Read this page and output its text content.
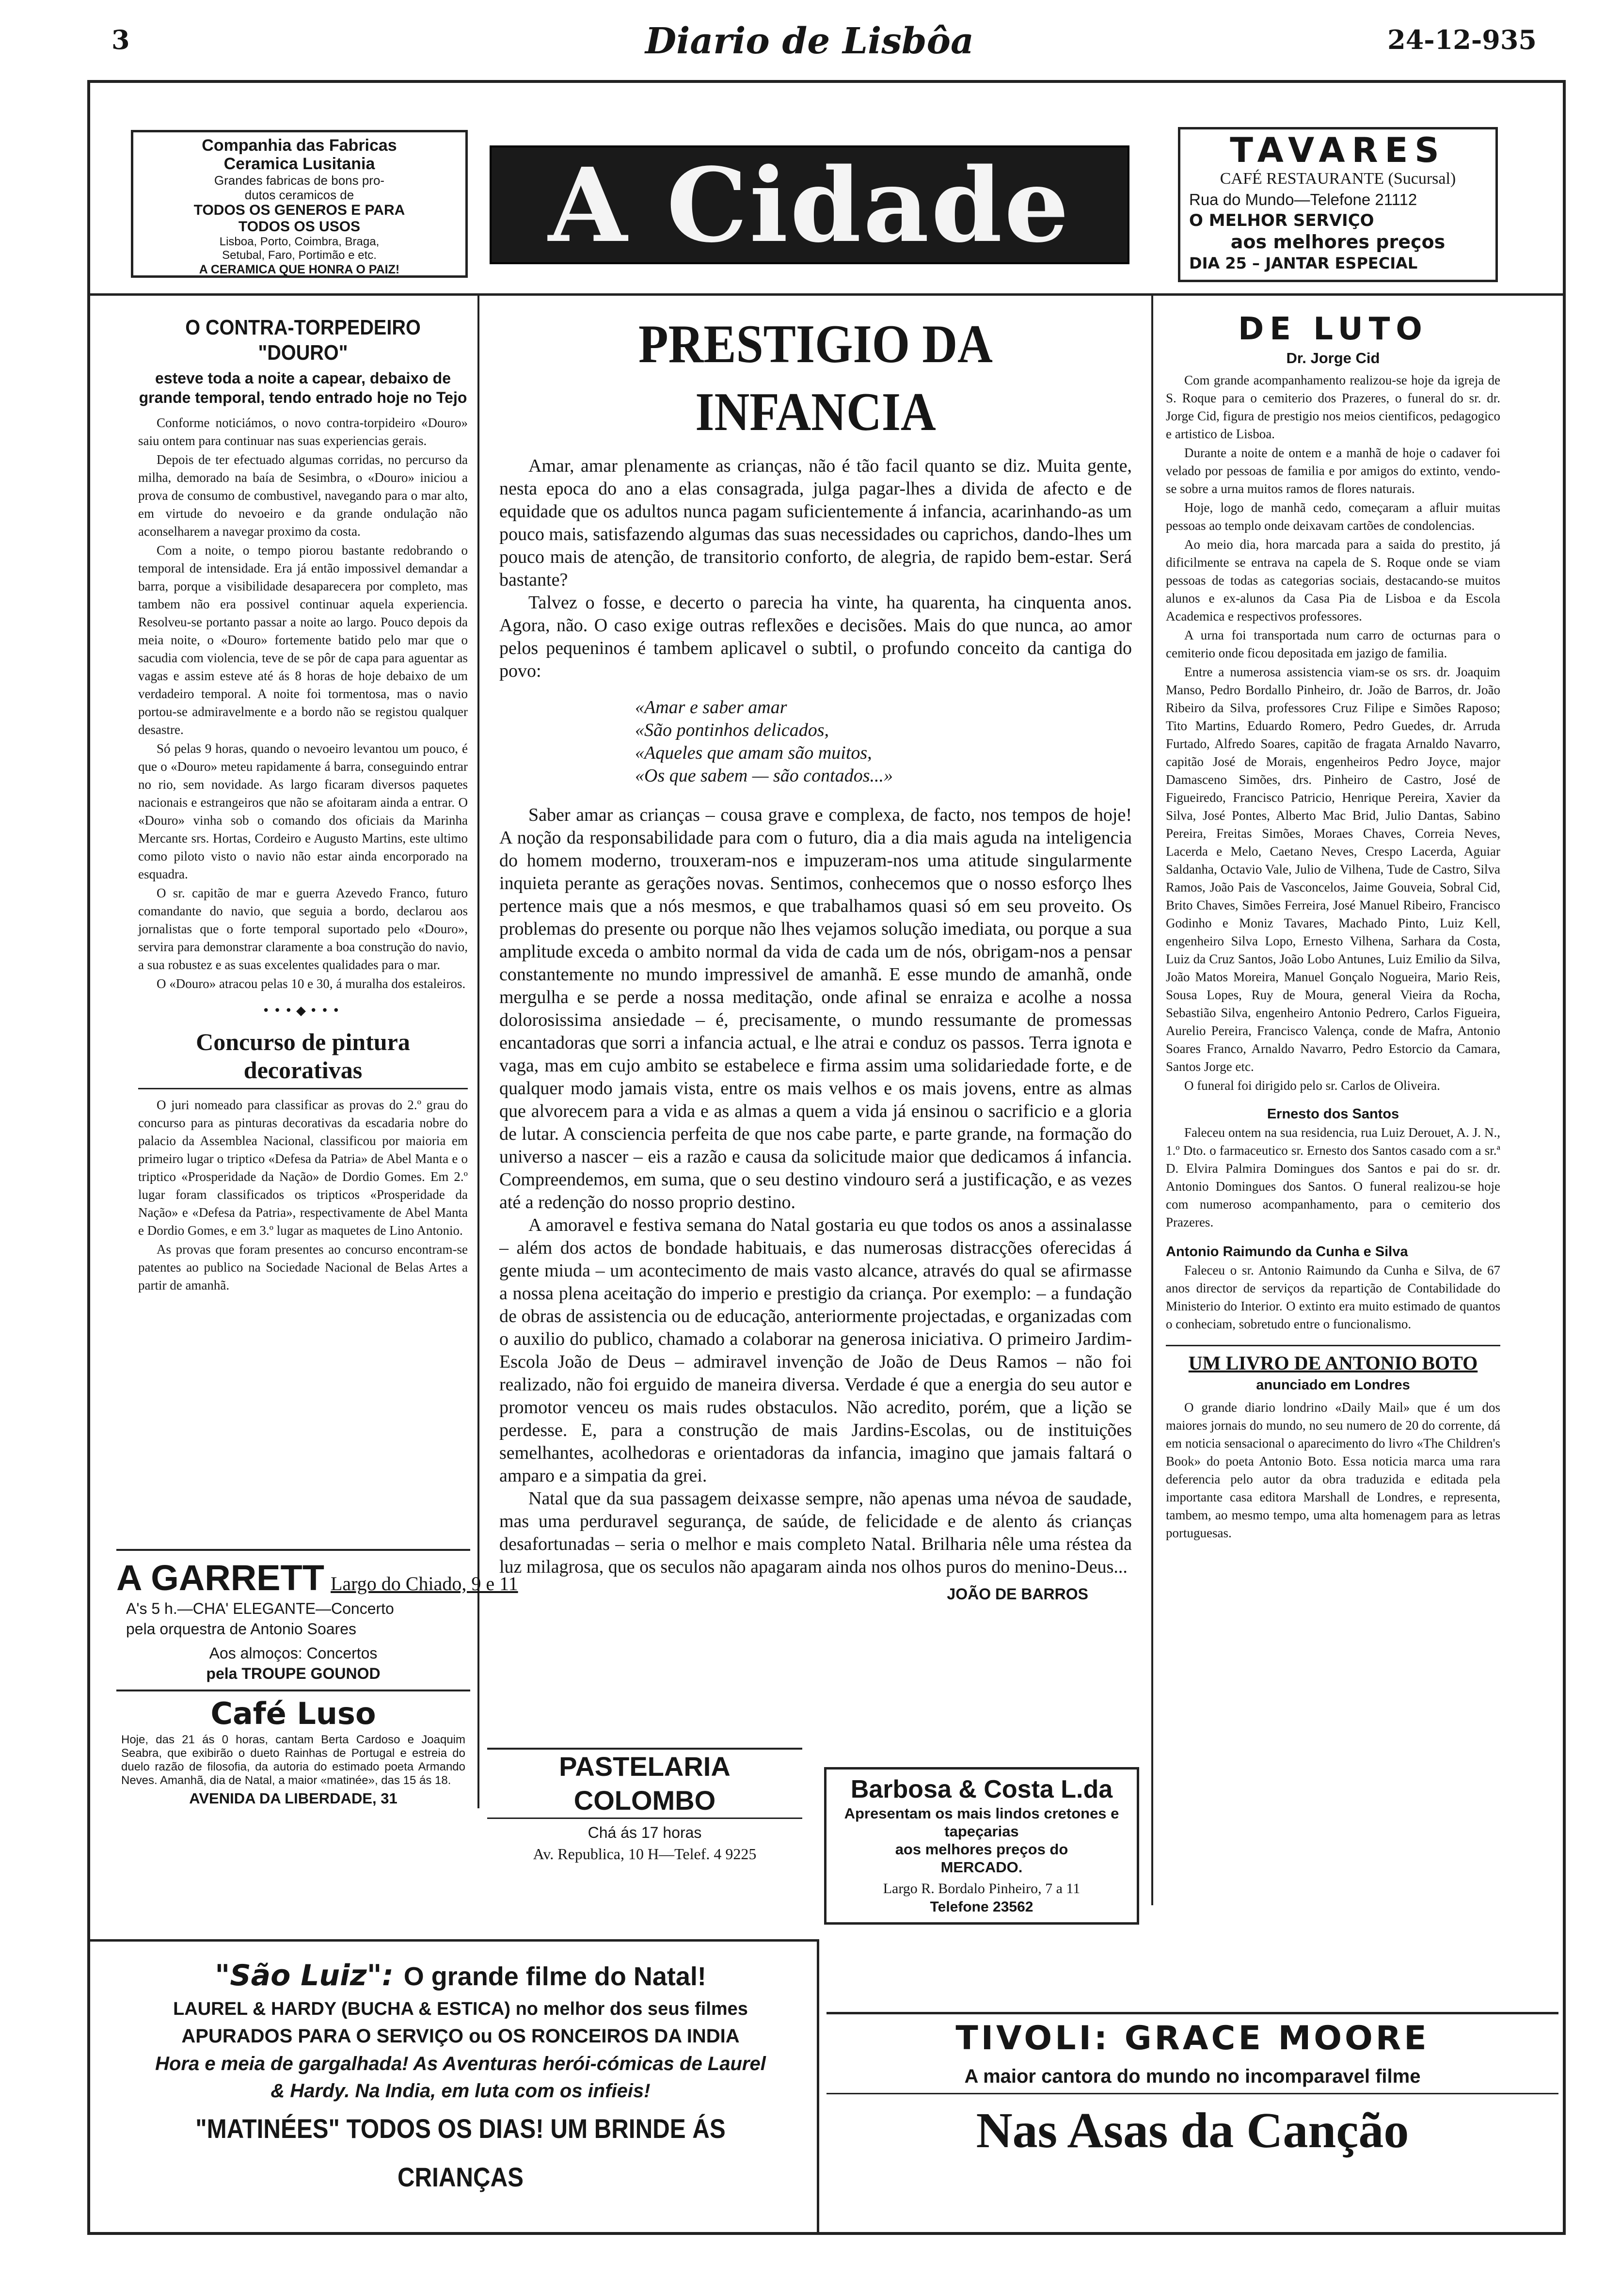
3	Diario de Lisbôa	24-12-935
Companhia das Fabricas
Ceramica Lusitania
Grandes fabricas de bons pro-
dutos ceramicos de
TODOS OS GENEROS E PARA
TODOS OS USOS
Lisboa, Porto, Coimbra, Braga,
Setubal, Faro, Portimão e etc.
A CERAMICA QUE HONRA O PAIZ!
A Cidade	TAVARES
CAFÉ RESTAURANTE (Sucursal)
Rua do Mundo—Telefone 21112
O MELHOR SERVIÇO
aos melhores preços
DIA 25 – JANTAR ESPECIAL
O CONTRA-TORPEDEIRO "DOURO"
esteve toda a noite a capear, debaixo de grande temporal, tendo entrado hoje no Tejo

Conforme noticiámos, o novo contra-torpideiro «Douro» saiu ontem para continuar nas suas experiencias gerais.

Depois de ter efectuado algumas corridas, no percurso da milha, demorado na baía de Sesimbra, o «Douro» iniciou a prova de consumo de combustivel, navegando para o mar alto, em virtude do nevoeiro e da grande ondulação não aconselharem a navegar proximo da costa.

Com a noite, o tempo piorou bastante redobrando o temporal de intensidade. Era já então impossivel demandar a barra, porque a visibilidade desaparecera por completo, mas tambem não era possivel continuar aquela experiencia. Resolveu-se portanto passar a noite ao largo. Pouco depois da meia noite, o «Douro» fortemente batido pelo mar que o sacudia com violencia, teve de se pôr de capa para aguentar as vagas e assim esteve até ás 8 horas de hoje debaixo de um verdadeiro temporal. A noite foi tormentosa, mas o navio portou-se admiravelmente e a bordo não se registou qualquer desastre.

Só pelas 9 horas, quando o nevoeiro levantou um pouco, é que o «Douro» meteu rapidamente á barra, conseguindo entrar no rio, sem novidade. As largo ficaram diversos paquetes nacionais e estrangeiros que não se afoitaram ainda a entrar. O «Douro» vinha sob o comando dos oficiais da Marinha Mercante srs. Hortas, Cordeiro e Augusto Martins, este ultimo como piloto visto o navio não estar ainda encorporado na esquadra.

O sr. capitão de mar e guerra Azevedo Franco, futuro comandante do navio, que seguia a bordo, declarou aos jornalistas que o forte temporal suportado pelo «Douro», servira para demonstrar claramente a boa construção do navio, a sua robustez e as suas excelentes qualidades para o mar.

O «Douro» atracou pelas 10 e 30, á muralha dos estaleiros.

•••◆•••
Concurso de pintura decorativas

O juri nomeado para classificar as provas do 2.º grau do concurso para as pinturas decorativas da escadaria nobre do palacio da Assemblea Nacional, classificou por maioria em primeiro lugar o triptico «Defesa da Patria» de Abel Manta e o triptico «Prosperidade da Nação» de Dordio Gomes. Em 2.º lugar foram classificados os tripticos «Prosperidade da Nação» e «Defesa da Patria», respectivamente de Abel Manta e Dordio Gomes, e em 3.º lugar as maquetes de Lino Antonio.

As provas que foram presentes ao concurso encontram-se patentes ao publico na Sociedade Nacional de Belas Artes a partir de amanhã.

A GARRETT Largo do Chiado, 9 e 11
A's 5 h.—CHA' ELEGANTE—Concerto
pela orquestra de Antonio Soares
Aos almoços: Concertos
pela TROUPE GOUNOD
Café Luso
Hoje, das 21 ás 0 horas, cantam Berta Cardoso e Joaquim Seabra, que exibirão o dueto Rainhas de Portugal e estreia do duelo razão de filosofia, da autoria do estimado poeta Armando Neves. Amanhã, dia de Natal, a maior «matinée», das 15 ás 18.
AVENIDA DA LIBERDADE, 31
PRESTIGIO DA INFANCIA

Amar, amar plenamente as crianças, não é tão facil quanto se diz. Muita gente, nesta epoca do ano a elas consagrada, julga pagar-lhes a divida de afecto e de equidade que os adultos nunca pagam suficientemente á infancia, acarinhando-as um pouco mais, satisfazendo algumas das suas necessidades ou caprichos, dando-lhes um pouco mais de atenção, de transitorio conforto, de alegria, de rapido bem-estar. Será bastante?

Talvez o fosse, e decerto o parecia ha vinte, ha quarenta, ha cinquenta anos. Agora, não. O caso exige outras reflexões e decisões. Mais do que nunca, ao amor pelos pequeninos é tambem aplicavel o subtil, o profundo conceito da cantiga do povo:

«Amar e saber amar
«São pontinhos delicados,
«Aqueles que amam são muitos,
«Os que sabem — são contados...»

Saber amar as crianças – cousa grave e complexa, de facto, nos tempos de hoje! A noção da responsabilidade para com o futuro, dia a dia mais aguda na inteligencia do homem moderno, trouxeram-nos e impuzeram-nos uma atitude singularmente inquieta perante as gerações novas. Sentimos, conhecemos que o nosso esforço lhes pertence mais que a nós mesmos, e que trabalhamos quasi só em seu proveito. Os problemas do presente ou porque não lhes vejamos solução imediata, ou porque a sua amplitude exceda o ambito normal da vida de cada um de nós, obrigam-nos a pensar constantemente no mundo impressivel de amanhã. E esse mundo de amanhã, onde mergulha e se perde a nossa meditação, onde afinal se enraiza e acolhe a nossa dolorosissima ansiedade – é, precisamente, o mundo ressumante de promessas encantadoras que sorri a infancia actual, e lhe atrai e conduz os passos. Terra ignota e vaga, mas em cujo ambito se estabelece e firma assim uma solidariedade forte, e de qualquer modo jamais vista, entre os mais velhos e os mais jovens, entre as almas que alvorecem para a vida e as almas a quem a vida já ensinou o sacrificio e a gloria de lutar. A consciencia perfeita de que nos cabe parte, e parte grande, na formação do universo a nascer – eis a razão e causa da solicitude maior que dedicamos á infancia. Compreendemos, em suma, que o seu destino vindouro será a justificação, e as vezes até a redenção do nosso proprio destino.

A amoravel e festiva semana do Natal gostaria eu que todos os anos a assinalasse – além dos actos de bondade habituais, e das numerosas distracções oferecidas á gente miuda – um acontecimento de mais vasto alcance, através do qual se afirmasse a nossa plena aceitação do imperio e prestigio da criança. Por exemplo: – a fundação de obras de assistencia ou de educação, anteriormente projectadas, e organizadas com o auxilio do publico, chamado a colaborar na generosa iniciativa. O primeiro Jardim-Escola João de Deus – admiravel invenção de João de Deus Ramos – não foi realizado, não foi erguido de maneira diversa. Verdade é que a energia do seu autor e promotor venceu os mais rudes obstaculos. Não acredito, porém, que a lição se perdesse. E, para a construção de mais Jardins-Escolas, ou de instituições semelhantes, acolhedoras e orientadoras da infancia, imagino que jamais faltará o amparo e a simpatia da grei.

Natal que da sua passagem deixasse sempre, não apenas uma névoa de saudade, mas uma perduravel segurança, de saúde, de felicidade e de alento ás crianças desafortunadas – seria o melhor e mais completo Natal. Brilharia nêle uma réstea da luz milagrosa, que os seculos não apagaram ainda nos olhos puros do menino-Deus...

JOÃO DE BARROS
PASTELARIA COLOMBO
Chá ás 17 horas
Av. Republica, 10 H—Telef. 4 9225
Barbosa & Costa L.da
Apresentam os mais lindos cretones e tapeçarias
aos melhores preços do
MERCADO.
Largo R. Bordalo Pinheiro, 7 a 11
Telefone 23562
DE LUTO
Dr. Jorge Cid

Com grande acompanhamento realizou-se hoje da igreja de S. Roque para o cemiterio dos Prazeres, o funeral do sr. dr. Jorge Cid, figura de prestigio nos meios cientificos, pedagogico e artistico de Lisboa.

Durante a noite de ontem e a manhã de hoje o cadaver foi velado por pessoas de familia e por amigos do extinto, vendo-se sobre a urna muitos ramos de flores naturais.

Hoje, logo de manhã cedo, começaram a afluir muitas pessoas ao templo onde deixavam cartões de condolencias.

Ao meio dia, hora marcada para a saida do prestito, já dificilmente se entrava na capela de S. Roque onde se viam pessoas de todas as categorias sociais, destacando-se muitos alunos e ex-alunos da Casa Pia de Lisboa e da Escola Academica e respectivos professores.

A urna foi transportada num carro de octurnas para o cemiterio onde ficou depositada em jazigo de familia.

Entre a numerosa assistencia viam-se os srs. dr. Joaquim Manso, Pedro Bordallo Pinheiro, dr. João de Barros, dr. João Ribeiro da Silva, professores Cruz Filipe e Simões Raposo; Tito Martins, Eduardo Romero, Pedro Guedes, dr. Arruda Furtado, Alfredo Soares, capitão de fragata Arnaldo Navarro, capitão José de Morais, engenheiros Pedro Joyce, major Damasceno Simões, drs. Pinheiro de Castro, José de Figueiredo, Francisco Patricio, Henrique Pereira, Xavier da Silva, José Pontes, Alberto Mac Brid, Julio Dantas, Sabino Pereira, Freitas Simões, Moraes Chaves, Correia Neves, Lacerda e Melo, Caetano Neves, Crespo Lacerda, Aguiar Saldanha, Octavio Vale, Julio de Vilhena, Tude de Castro, Silva Ramos, João Pais de Vasconcelos, Jaime Gouveia, Sobral Cid, Brito Chaves, Simões Ferreira, José Manuel Ribeiro, Francisco Godinho e Moniz Tavares, Machado Pinto, Luiz Kell, engenheiro Silva Lopo, Ernesto Vilhena, Sarhara da Costa, Luiz da Cruz Santos, João Lobo Antunes, Luiz Emilio da Silva, João Matos Moreira, Manuel Gonçalo Nogueira, Mario Reis, Sousa Lopes, Ruy de Moura, general Vieira da Rocha, Sebastião Silva, engenheiro Antonio Pedrero, Carlos Figueira, Aurelio Pereira, Francisco Valença, conde de Mafra, Antonio Soares Franco, Arnaldo Navarro, Pedro Estorcio da Camara, Santos Jorge etc.

O funeral foi dirigido pelo sr. Carlos de Oliveira.

Ernesto dos Santos

Faleceu ontem na sua residencia, rua Luiz Derouet, A. J. N., 1.º Dto. o farmaceutico sr. Ernesto dos Santos casado com a sr.ª D. Elvira Palmira Domingues dos Santos e pai do sr. dr. Antonio Domingues dos Santos. O funeral realizou-se hoje com numeroso acompanhamento, para o cemiterio dos Prazeres.

Antonio Raimundo da Cunha e Silva

Faleceu o sr. Antonio Raimundo da Cunha e Silva, de 67 anos director de serviços da repartição de Contabilidade do Ministerio do Interior. O extinto era muito estimado de quantos o conheciam, sobretudo entre o funcionalismo.

UM LIVRO DE ANTONIO BOTO
anunciado em Londres

O grande diario londrino «Daily Mail» que é um dos maiores jornais do mundo, no seu numero de 20 do corrente, dá em noticia sensacional o aparecimento do livro «The Children's Book» do poeta Antonio Boto. Essa noticia marca uma rara deferencia pelo autor da obra traduzida e editada pela importante casa editora Marshall de Londres, e representa, tambem, ao mesmo tempo, uma alta homenagem para as letras portuguesas.

"São Luiz": O grande filme do Natal!
LAUREL & HARDY (BUCHA & ESTICA) no melhor dos seus filmes
APURADOS PARA O SERVIÇO ou OS RONCEIROS DA INDIA
Hora e meia de gargalhada! As Aventuras herói-cómicas de Laurel
& Hardy. Na India, em luta com os infieis!
"MATINÉES" TODOS OS DIAS! UM BRINDE ÁS CRIANÇAS
TIVOLI: GRACE MOORE
A maior cantora do mundo no incomparavel filme
Nas Asas da Canção
